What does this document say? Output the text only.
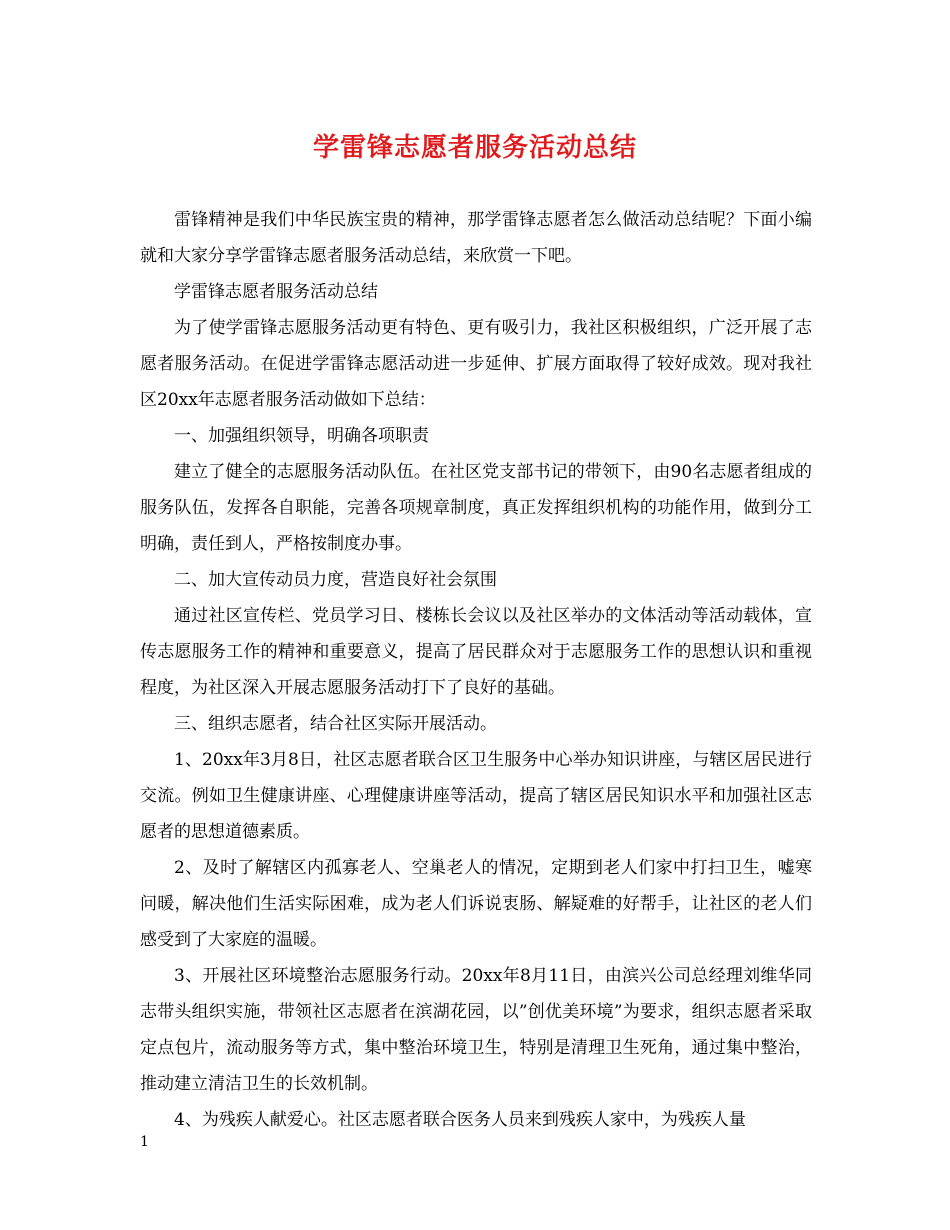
学雷锋志愿者服务活动总结

雷锋精神是我们中华民族宝贵的精神，那学雷锋志愿者怎么做活动总结呢？下面小编就和大家分享学雷锋志愿者服务活动总结，来欣赏一下吧。

学雷锋志愿者服务活动总结

为了使学雷锋志愿服务活动更有特色、更有吸引力，我社区积极组织，广泛开展了志愿者服务活动。在促进学雷锋志愿活动进一步延伸、扩展方面取得了较好成效。现对我社区20xx年志愿者服务活动做如下总结：

一、加强组织领导，明确各项职责

建立了健全的志愿服务活动队伍。在社区党支部书记的带领下，由90名志愿者组成的服务队伍，发挥各自职能，完善各项规章制度，真正发挥组织机构的功能作用，做到分工明确，责任到人，严格按制度办事。

二、加大宣传动员力度，营造良好社会氛围

通过社区宣传栏、党员学习日、楼栋长会议以及社区举办的文体活动等活动载体，宣传志愿服务工作的精神和重要意义，提高了居民群众对于志愿服务工作的思想认识和重视程度，为社区深入开展志愿服务活动打下了良好的基础。

三、组织志愿者，结合社区实际开展活动。

1、20xx年3月8日，社区志愿者联合区卫生服务中心举办知识讲座，与辖区居民进行交流。例如卫生健康讲座、心理健康讲座等活动，提高了辖区居民知识水平和加强社区志愿者的思想道德素质。

2、及时了解辖区内孤寡老人、空巢老人的情况，定期到老人们家中打扫卫生，嘘寒问暖，解决他们生活实际困难，成为老人们诉说衷肠、解疑难的好帮手，让社区的老人们感受到了大家庭的温暖。

3、开展社区环境整治志愿服务行动。20xx年8月11日，由滨兴公司总经理刘维华同志带头组织实施，带领社区志愿者在滨湖花园，以”创优美环境”为要求，组织志愿者采取定点包片，流动服务等方式，集中整治环境卫生，特别是清理卫生死角，通过集中整治，推动建立清洁卫生的长效机制。

4、为残疾人献爱心。社区志愿者联合医务人员来到残疾人家中，为残疾人量

1
